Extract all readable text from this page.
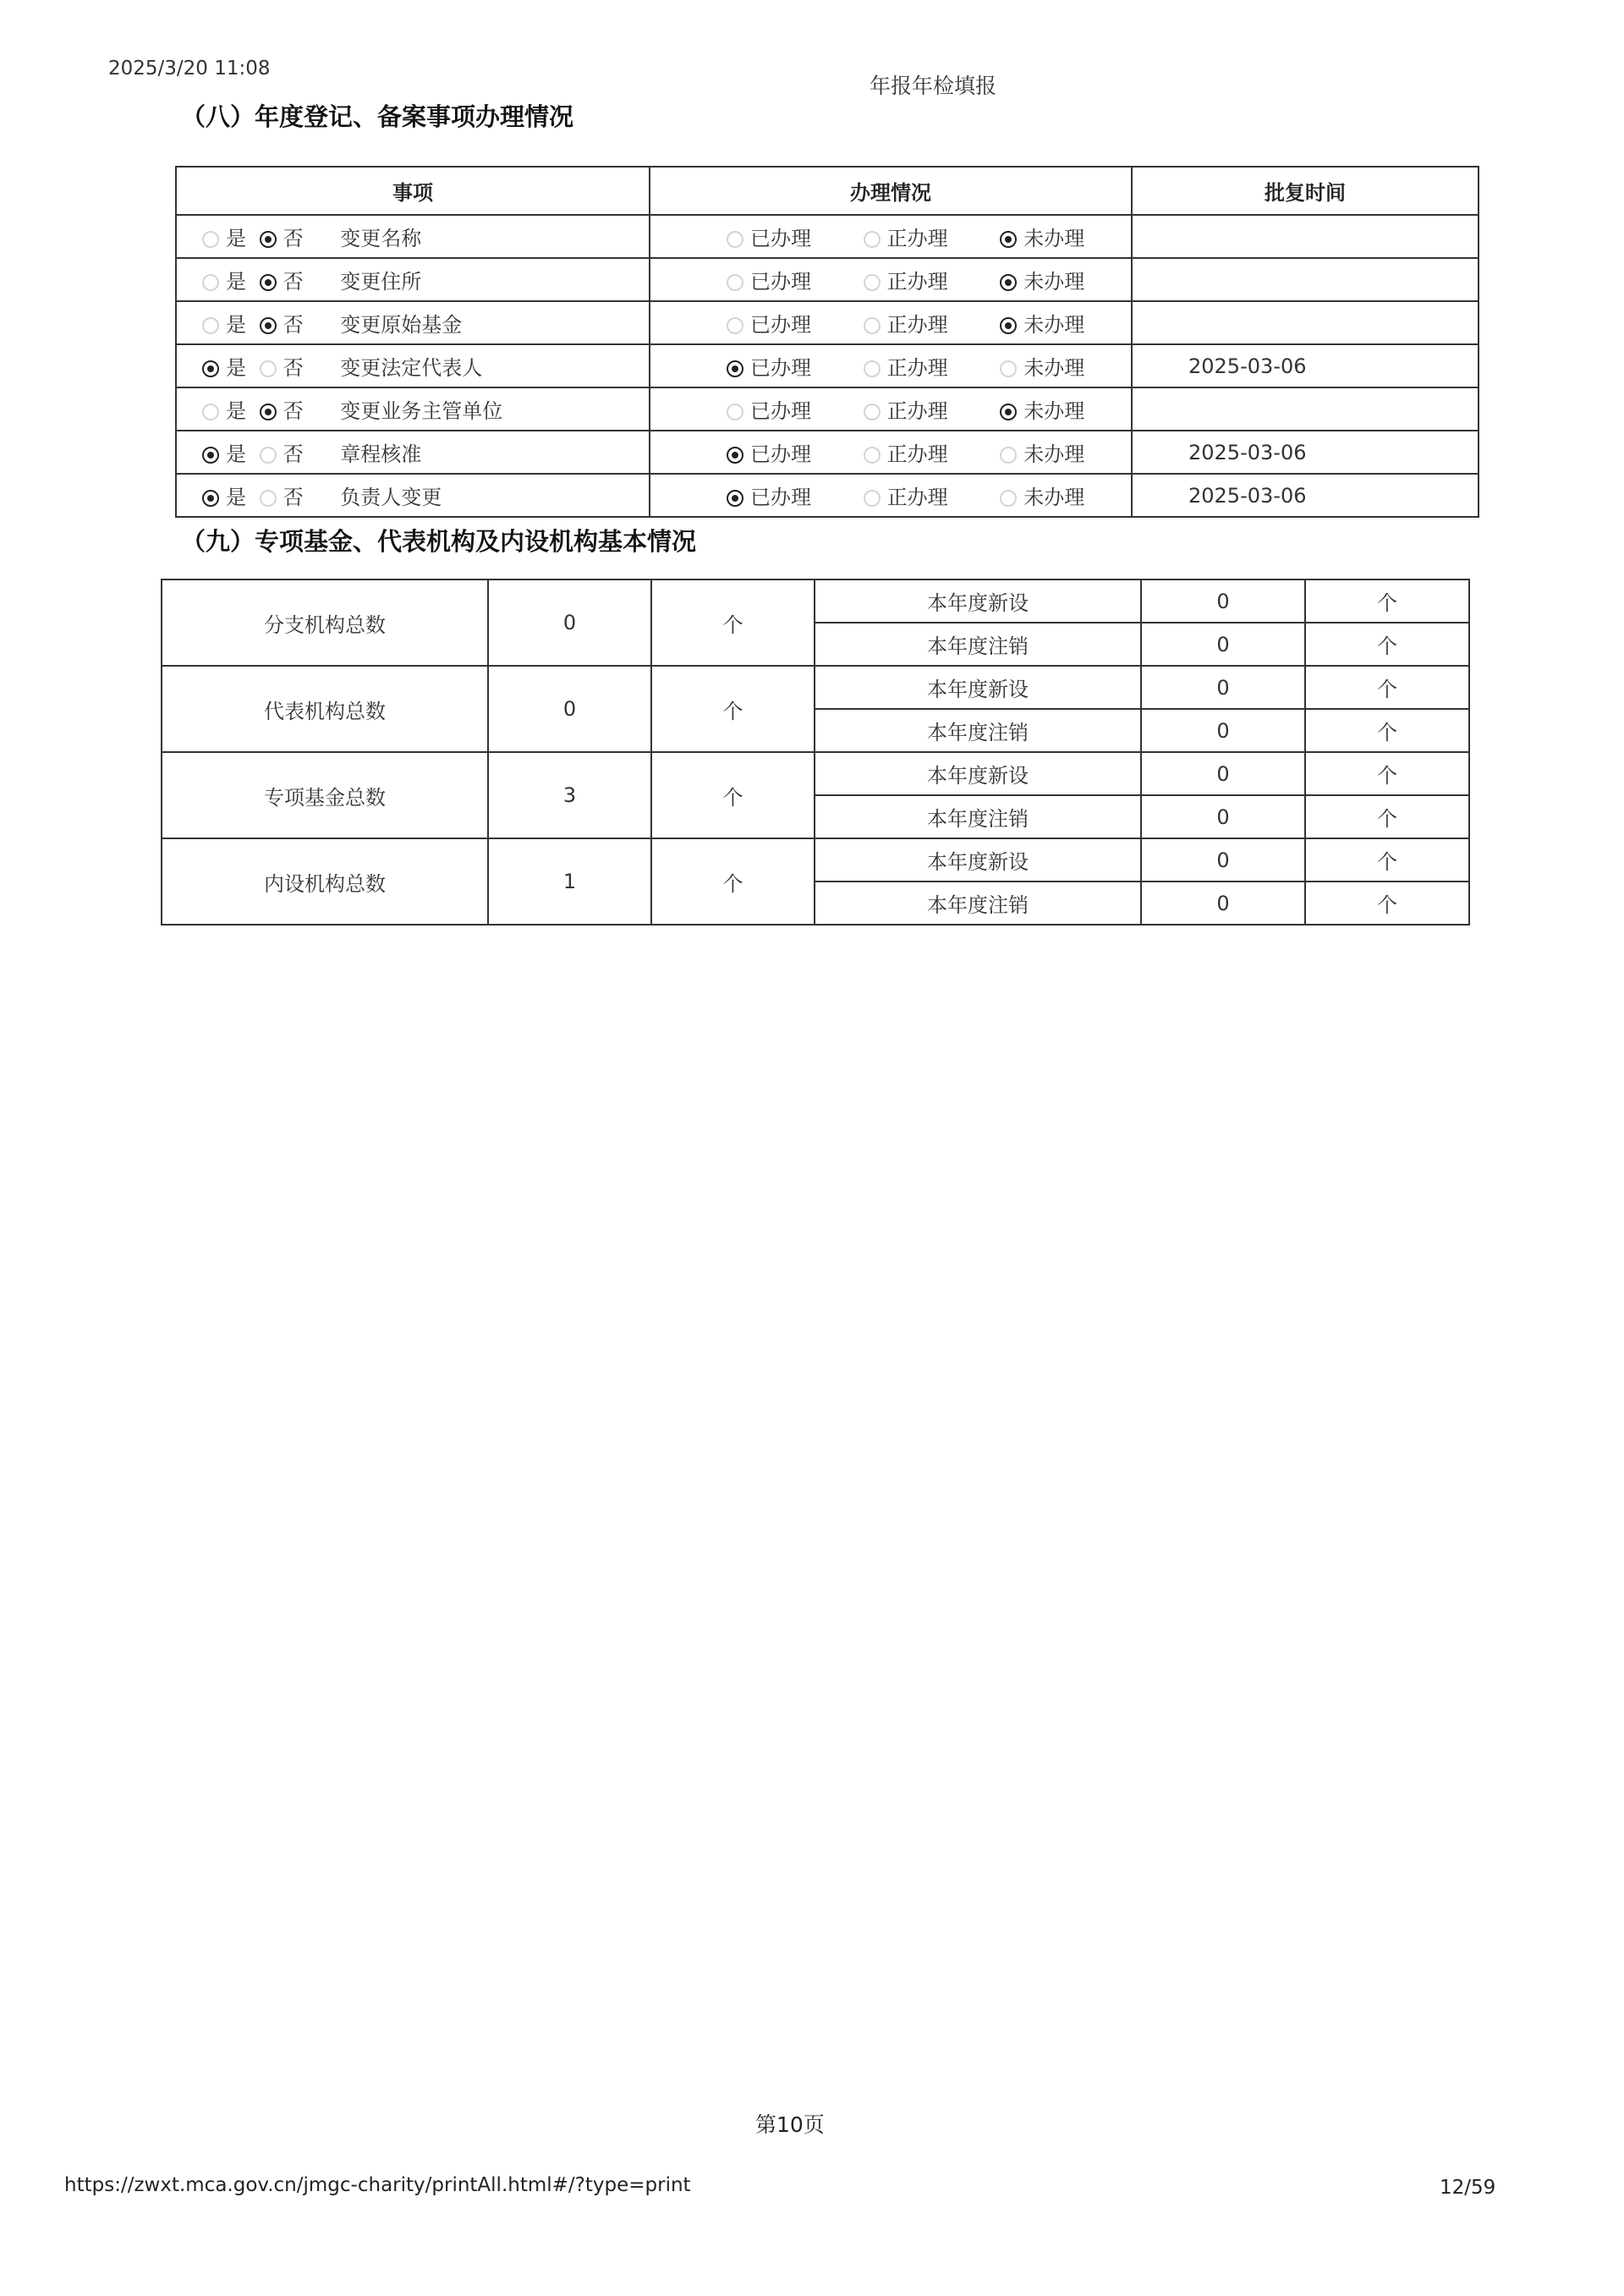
2025/3/20 11:08
年报年检填报
（八）年度登记、备案事项办理情况
事项	办理情况	批复时间
是 否 变更名称	已办理 正办理 未办理	
是 否 变更住所	已办理 正办理 未办理	
是 否 变更原始基金	已办理 正办理 未办理	
是 否 变更法定代表人	已办理 正办理 未办理	2025-03-06
是 否 变更业务主管单位	已办理 正办理 未办理	
是 否 章程核准	已办理 正办理 未办理	2025-03-06
是 否 负责人变更	已办理 正办理 未办理	2025-03-06
（九）专项基金、代表机构及内设机构基本情况
分支机构总数	0	个	本年度新设	0	个
			本年度注销	0	个
代表机构总数	0	个	本年度新设	0	个
			本年度注销	0	个
专项基金总数	3	个	本年度新设	0	个
			本年度注销	0	个
内设机构总数	1	个	本年度新设	0	个
			本年度注销	0	个
第10页
https://zwxt.mca.gov.cn/jmgc-charity/printAll.html#/?type=print	12/59
